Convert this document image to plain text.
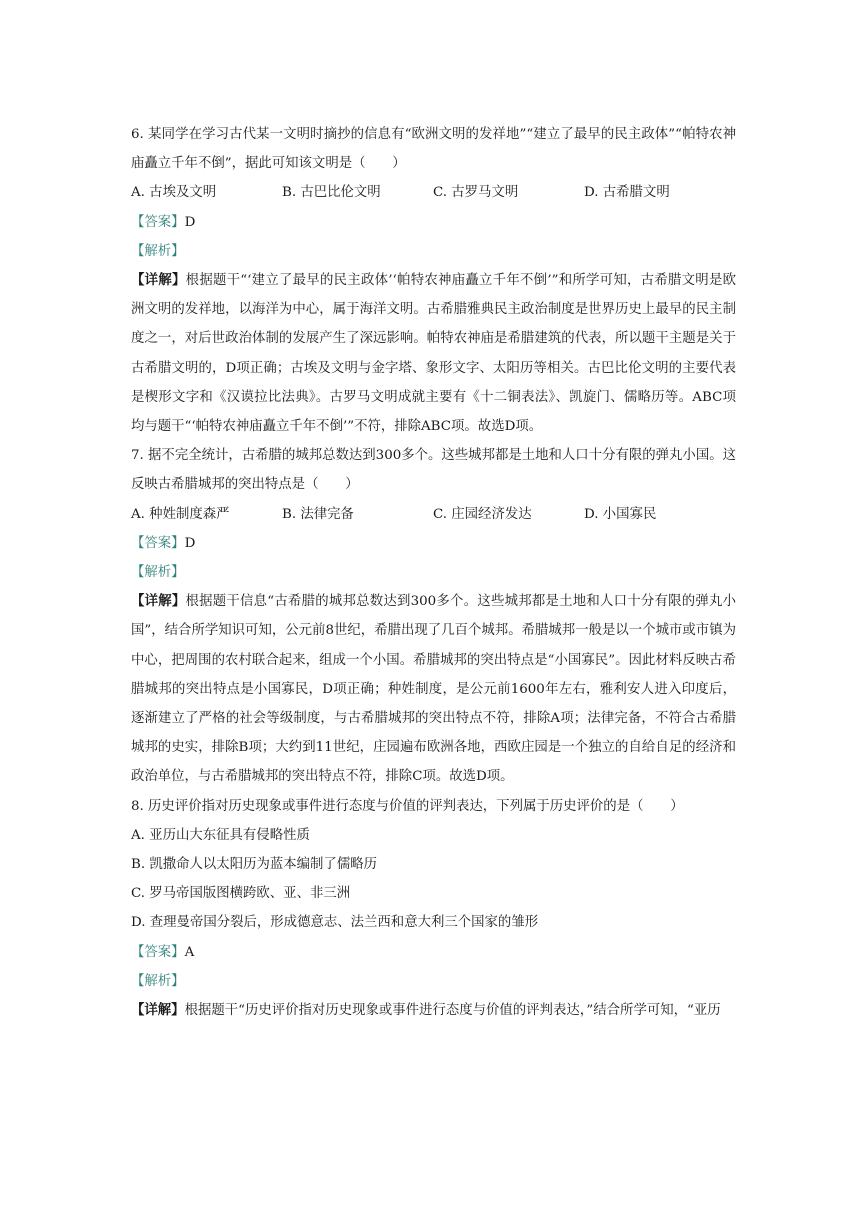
6. 某同学在学习古代某一文明时摘抄的信息有“欧洲文明的发祥地”“建立了最早的民主政体”“帕特农神庙矗立千年不倒”，据此可知该文明是（　　）
A. 古埃及文明	B. 古巴比伦文明	C. 古罗马文明	D. 古希腊文明
【答案】D
【解析】
【详解】根据题干“‘建立了最早的民主政体’‘帕特农神庙矗立千年不倒’”和所学可知，古希腊文明是欧洲文明的发祥地，以海洋为中心，属于海洋文明。古希腊雅典民主政治制度是世界历史上最早的民主制度之一，对后世政治体制的发展产生了深远影响。帕特农神庙是希腊建筑的代表，所以题干主题是关于古希腊文明的，D项正确；古埃及文明与金字塔、象形文字、太阳历等相关。古巴比伦文明的主要代表是楔形文字和《汉谟拉比法典》。古罗马文明成就主要有《十二铜表法》、凯旋门、儒略历等。ABC项均与题干“‘帕特农神庙矗立千年不倒’”不符，排除ABC项。故选D项。
7. 据不完全统计，古希腊的城邦总数达到300多个。这些城邦都是土地和人口十分有限的弹丸小国。这反映古希腊城邦的突出特点是（　　）
A. 种姓制度森严	B. 法律完备	C. 庄园经济发达	D. 小国寡民
【答案】D
【解析】
【详解】根据题干信息“古希腊的城邦总数达到300多个。这些城邦都是土地和人口十分有限的弹丸小国”，结合所学知识可知，公元前8世纪，希腊出现了几百个城邦。希腊城邦一般是以一个城市或市镇为中心，把周围的农村联合起来，组成一个小国。希腊城邦的突出特点是“小国寡民”。因此材料反映古希腊城邦的突出特点是小国寡民，D项正确；种姓制度，是公元前1600年左右，雅利安人进入印度后，逐渐建立了严格的社会等级制度，与古希腊城邦的突出特点不符，排除A项；法律完备，不符合古希腊城邦的史实，排除B项；大约到11世纪，庄园遍布欧洲各地，西欧庄园是一个独立的自给自足的经济和政治单位，与古希腊城邦的突出特点不符，排除C项。故选D项。
8. 历史评价指对历史现象或事件进行态度与价值的评判表达，下列属于历史评价的是（　　）
A. 亚历山大东征具有侵略性质
B. 凯撒命人以太阳历为蓝本编制了儒略历
C. 罗马帝国版图横跨欧、亚、非三洲
D. 查理曼帝国分裂后，形成德意志、法兰西和意大利三个国家的雏形
【答案】A
【解析】
【详解】根据题干“历史评价指对历史现象或事件进行态度与价值的评判表达，”结合所学可知，“亚历
